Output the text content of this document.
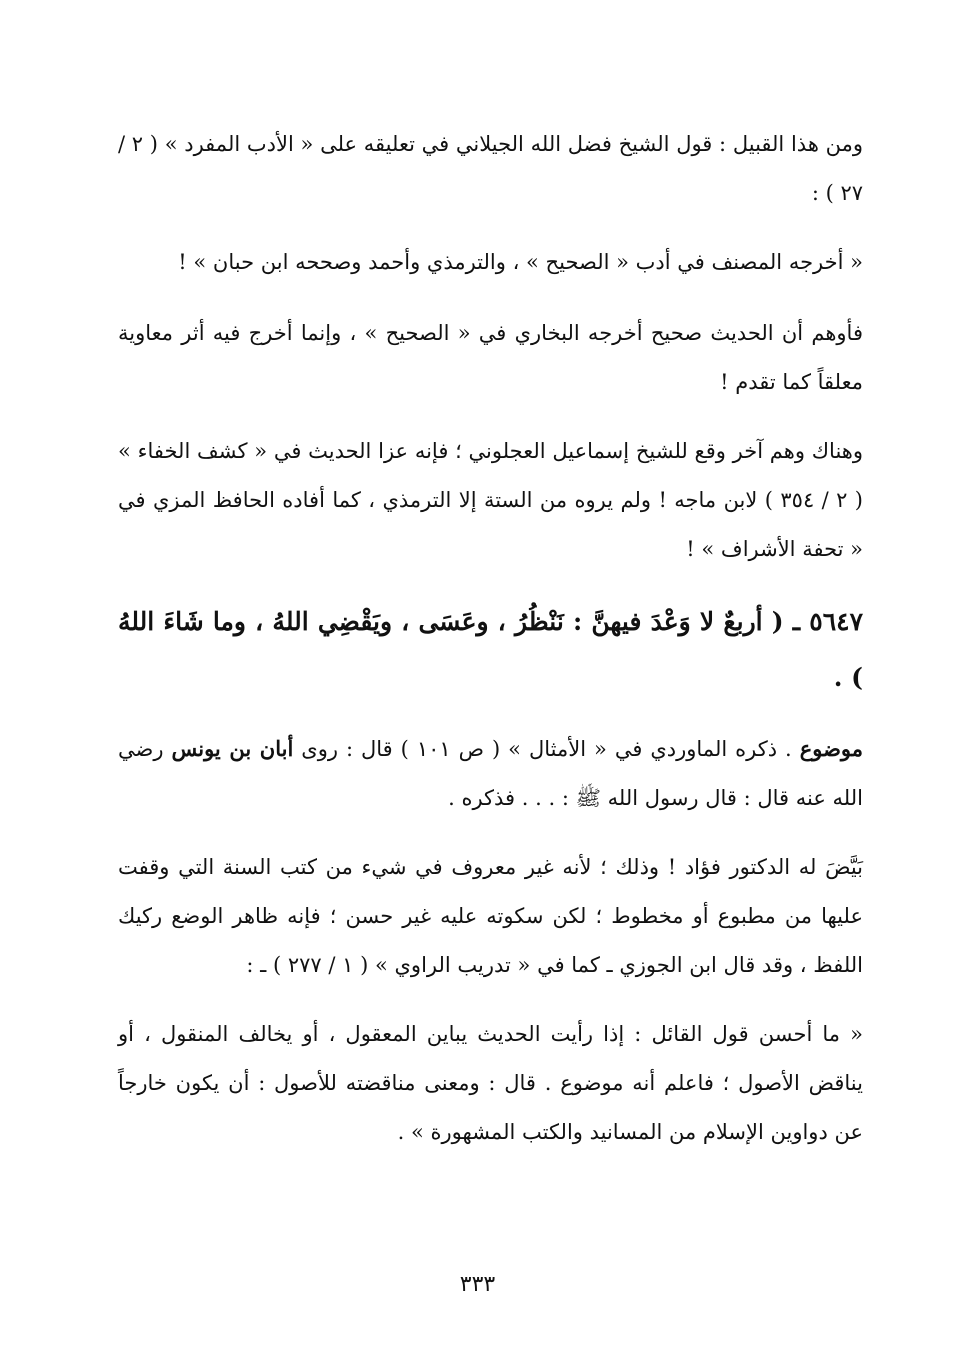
ومن هذا القبيل : قول الشيخ فضل الله الجيلاني في تعليقه على « الأدب المفرد » ( ٢ / ٢٧ ) :

« أخرجه المصنف في أدب « الصحيح » ، والترمذي وأحمد وصححه ابن حبان » !

فأوهم أن الحديث صحيح أخرجه البخاري في « الصحيح » ، وإنما أخرج فيه أثر معاوية معلقاً كما تقدم !

وهناك وهم آخر وقع للشيخ إسماعيل العجلوني ؛ فإنه عزا الحديث في « كشف الخفاء » ( ٢ / ٣٥٤ ) لابن ماجه ! ولم يروه من الستة إلا الترمذي ، كما أفاده الحافظ المزي في « تحفة الأشراف » !

٥٦٤٧ ـ ( أربعٌ لا وَعْدَ فيهنَّ : نَنْظُرُ ، وعَسَى ، ويَقْضِي اللهُ ، وما شَاءَ اللهُ ) .

موضوع . ذكره الماوردي في « الأمثال » ( ص ١٠١ ) قال : روى أبان بن يونس رضي الله عنه قال : قال رسول الله ﷺ : . . . فذكره .

بَيَّضَ له الدكتور فؤاد ! وذلك ؛ لأنه غير معروف في شيء من كتب السنة التي وقفت عليها من مطبوع أو مخطوط ؛ لكن سكوته عليه غير حسن ؛ فإنه ظاهر الوضع ركيك اللفظ ، وقد قال ابن الجوزي ـ كما في « تدريب الراوي » ( ١ / ٢٧٧ ) ـ :

« ما أحسن قول القائل : إذا رأيت الحديث يباين المعقول ، أو يخالف المنقول ، أو يناقض الأصول ؛ فاعلم أنه موضوع . قال : ومعنى مناقضته للأصول : أن يكون خارجاً عن دواوين الإسلام من المسانيد والكتب المشهورة » .

٣٣٣
